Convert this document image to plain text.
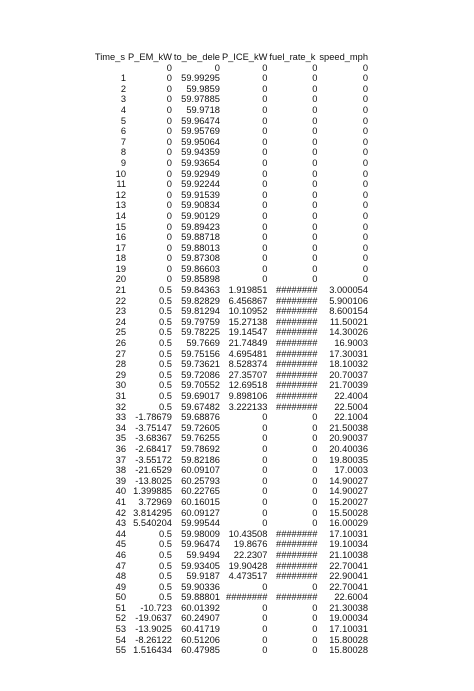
Time_s	P_EM_kW	to_be_dele	P_ICE_kW	fuel_rate_k	speed_mph
	0	0	0	0	0
1	0	59.99295	0	0	0
2	0	59.9859	0	0	0
3	0	59.97885	0	0	0
4	0	59.9718	0	0	0
5	0	59.96474	0	0	0
6	0	59.95769	0	0	0
7	0	59.95064	0	0	0
8	0	59.94359	0	0	0
9	0	59.93654	0	0	0
10	0	59.92949	0	0	0
11	0	59.92244	0	0	0
12	0	59.91539	0	0	0
13	0	59.90834	0	0	0
14	0	59.90129	0	0	0
15	0	59.89423	0	0	0
16	0	59.88718	0	0	0
17	0	59.88013	0	0	0
18	0	59.87308	0	0	0
19	0	59.86603	0	0	0
20	0	59.85898	0	0	0
21	0.5	59.84363	1.919851	########	3.000054
22	0.5	59.82829	6.456867	########	5.900106
23	0.5	59.81294	10.10952	########	8.600154
24	0.5	59.79759	15.27138	########	11.50021
25	0.5	59.78225	19.14547	########	14.30026
26	0.5	59.7669	21.74849	########	16.9003
27	0.5	59.75156	4.695481	########	17.30031
28	0.5	59.73621	8.528374	########	18.10032
29	0.5	59.72086	27.35707	########	20.70037
30	0.5	59.70552	12.69518	########	21.70039
31	0.5	59.69017	9.898106	########	22.4004
32	0.5	59.67482	3.222133	########	22.5004
33	-1.78679	59.68876	0	0	22.1004
34	-3.75147	59.72605	0	0	21.50038
35	-3.68367	59.76255	0	0	20.90037
36	-2.68417	59.78692	0	0	20.40036
37	-3.55172	59.82186	0	0	19.80035
38	-21.6529	60.09107	0	0	17.0003
39	-13.8025	60.25793	0	0	14.90027
40	1.399885	60.22765	0	0	14.90027
41	3.72969	60.16015	0	0	15.20027
42	3.814295	60.09127	0	0	15.50028
43	5.540204	59.99544	0	0	16.00029
44	0.5	59.98009	10.43508	########	17.10031
45	0.5	59.96474	19.8676	########	19.10034
46	0.5	59.9494	22.2307	########	21.10038
47	0.5	59.93405	19.90428	########	22.70041
48	0.5	59.9187	4.473517	########	22.90041
49	0.5	59.90336	0	0	22.70041
50	0.5	59.88801	########	########	22.6004
51	-10.723	60.01392	0	0	21.30038
52	-19.0637	60.24907	0	0	19.00034
53	-13.9025	60.41719	0	0	17.10031
54	-8.26122	60.51206	0	0	15.80028
55	1.516434	60.47985	0	0	15.80028
